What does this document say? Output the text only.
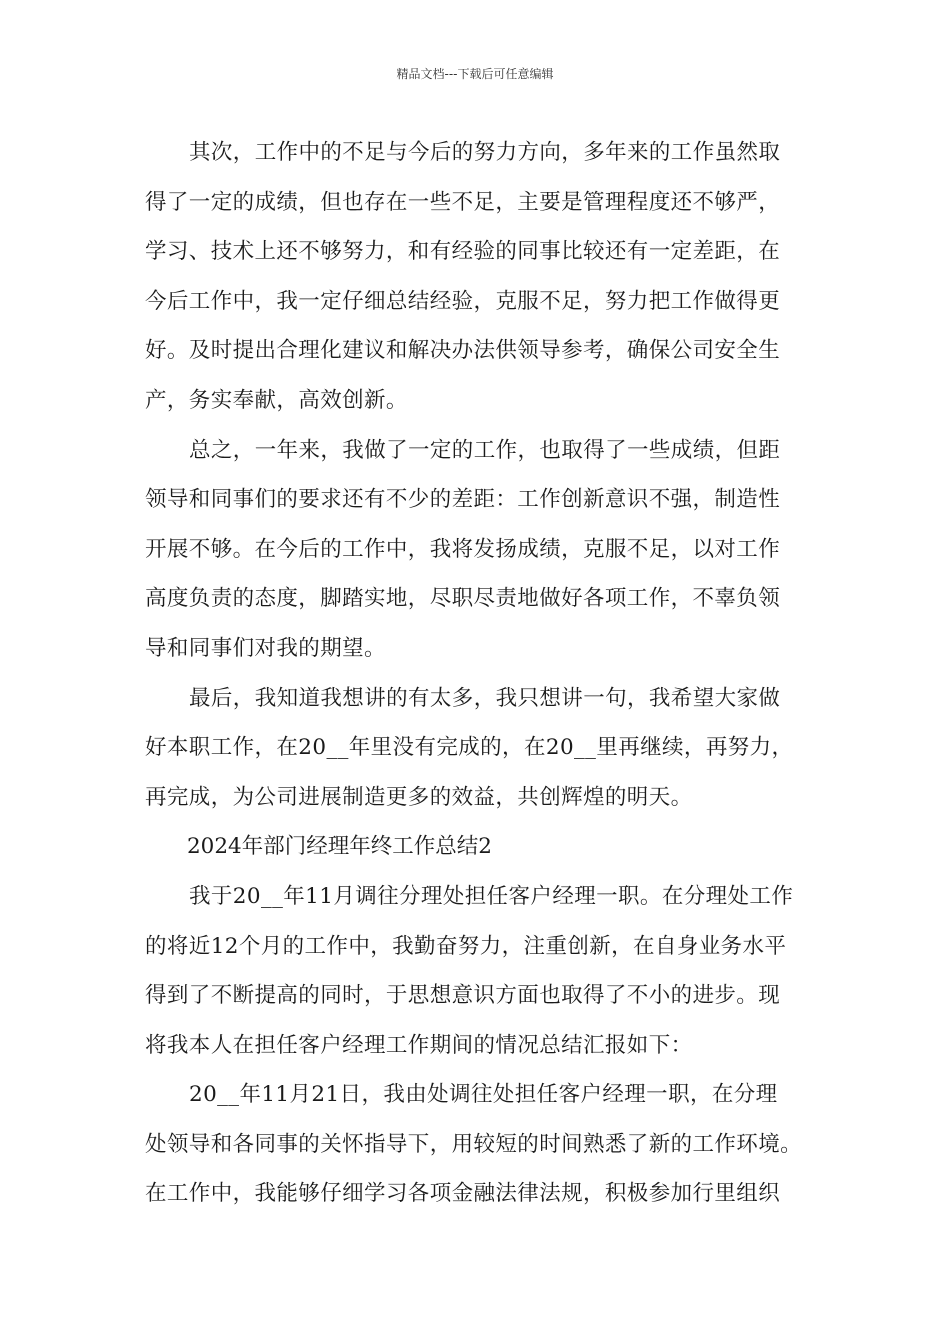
精品文档---下载后可任意编辑
其次，工作中的不足与今后的努力方向，多年来的工作虽然取
得了一定的成绩，但也存在一些不足，主要是管理程度还不够严，
学习、技术上还不够努力，和有经验的同事比较还有一定差距，在
今后工作中，我一定仔细总结经验，克服不足，努力把工作做得更
好。及时提出合理化建议和解决办法供领导参考，确保公司安全生
产，务实奉献，高效创新。
总之，一年来，我做了一定的工作，也取得了一些成绩，但距
领导和同事们的要求还有不少的差距：工作创新意识不强，制造性
开展不够。在今后的工作中，我将发扬成绩，克服不足，以对工作
高度负责的态度，脚踏实地，尽职尽责地做好各项工作，不辜负领
导和同事们对我的期望。
最后，我知道我想讲的有太多，我只想讲一句，我希望大家做
好本职工作，在20__年里没有完成的，在20__里再继续，再努力，
再完成，为公司进展制造更多的效益，共创辉煌的明天。
2024年部门经理年终工作总结2
我于20__年11月调往分理处担任客户经理一职。在分理处工作
的将近12个月的工作中，我勤奋努力，注重创新，在自身业务水平
得到了不断提高的同时，于思想意识方面也取得了不小的进步。现
将我本人在担任客户经理工作期间的情况总结汇报如下：
20__年11月21日，我由处调往处担任客户经理一职，在分理
处领导和各同事的关怀指导下，用较短的时间熟悉了新的工作环境。
在工作中，我能够仔细学习各项金融法律法规，积极参加行里组织
